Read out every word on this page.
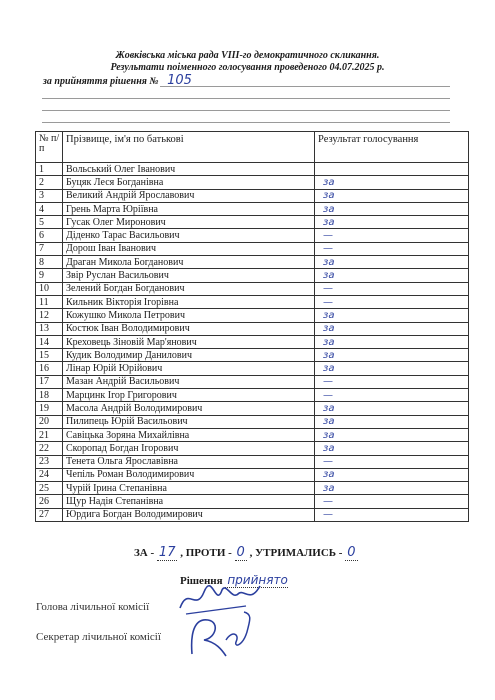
Жовківська міська рада VIII-го демократичного скликання.
Результати поіменного голосування проведеного 04.07.2025 р.
за прийняття рішення № 105
№ п/п	Прізвище, ім'я по батькові	Результат голосування
1	Вольський Олег Іванович	
2	Буцяк Леся Богданівна	за
3	Великий Андрій Ярославович	за
4	Грень Марта Юріївна	за
5	Гусак Олег Миронович	за
6	Діденко Тарас Васильович	—
7	Дорош Іван Іванович	—
8	Драган Микола Богданович	за
9	Звір Руслан Васильович	за
10	Зелений Богдан Богданович	—
11	Кильник Вікторія Ігорівна	—
12	Кожушко Микола Петрович	за
13	Костюк Іван Володимирович	за
14	Креховець Зіновій Мар'янович	за
15	Кудик Володимир Данилович	за
16	Лінар Юрій Юрійович	за
17	Мазан Андрій Васильович	—
18	Марцинк Ігор Григорович	—
19	Масола Андрій Володимирович	за
20	Пилипець Юрій Васильович	за
21	Савіцька Зоряна Михайлівна	за
22	Скоропад Богдан Ігорович	за
23	Тенета Ольга Ярославівна	—
24	Чепіль Роман Володимирович	за
25	Чурій Ірина Степанівна	за
26	Щур Надія Степанівна	—
27	Юрдига Богдан Володимирович	—
ЗА - 17 , ПРОТИ - 0 , УТРИМАЛИСЬ - 0
Рішення прийнято
Голова лічильної комісії
Секретар лічильної комісії
